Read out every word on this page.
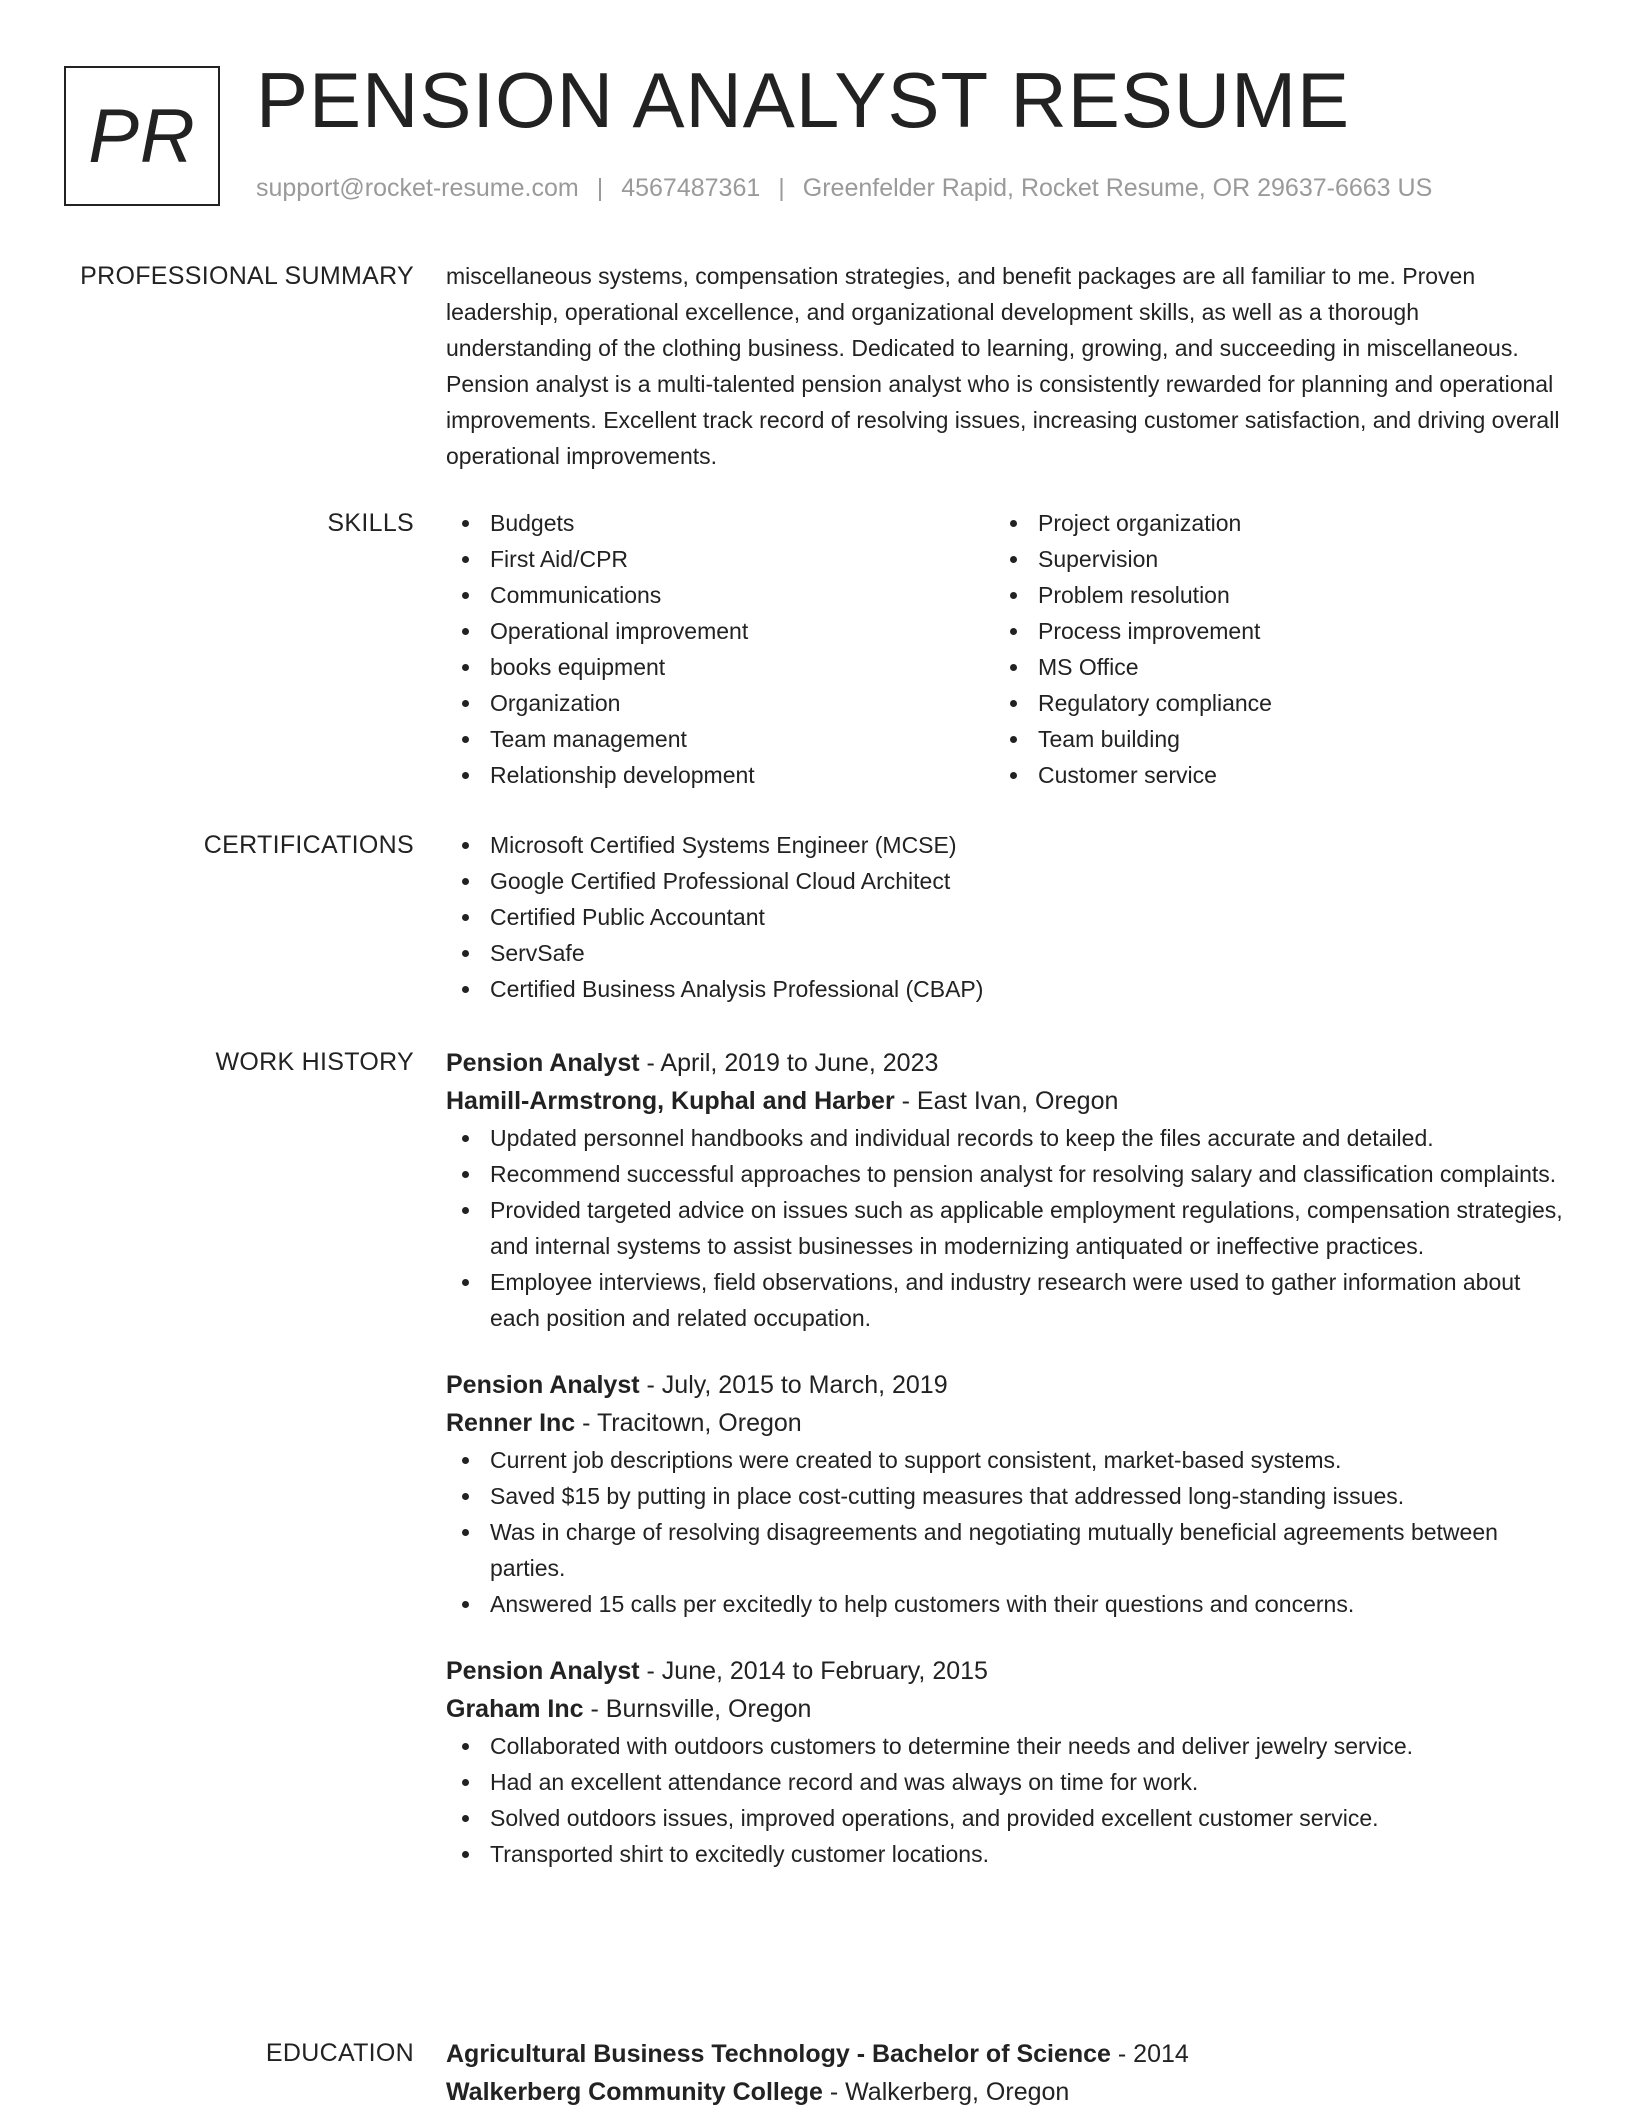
PR PENSION ANALYST RESUME
support@rocket-resume.com | 4567487361 | Greenfelder Rapid, Rocket Resume, OR 29637-6663 US
PROFESSIONAL SUMMARY miscellaneous systems, compensation strategies, and benefit packages are all familiar to me. Proven leadership, operational excellence, and organizational development skills, as well as a thorough understanding of the clothing business. Dedicated to learning, growing, and succeeding in miscellaneous. Pension analyst is a multi-talented pension analyst who is consistently rewarded for planning and operational improvements. Excellent track record of resolving issues, increasing customer satisfaction, and driving overall operational improvements.

SKILLS	Budgets
First Aid/CPR
Communications
Operational improvement
books equipment
Organization
Team management
Relationship development
Project organization
Supervision
Problem resolution
Process improvement
MS Office
Regulatory compliance
Team building
Customer service
CERTIFICATIONS	Microsoft Certified Systems Engineer (MCSE)
Google Certified Professional Cloud Architect
Certified Public Accountant
ServSafe
Certified Business Analysis Professional (CBAP)
WORK HISTORY Pension Analyst - April, 2019 to June, 2023
Hamill-Armstrong, Kuphal and Harber - East Ivan, Oregon
Updated personnel handbooks and individual records to keep the files accurate and detailed.
Recommend successful approaches to pension analyst for resolving salary and classification complaints.
Provided targeted advice on issues such as applicable employment regulations, compensation strategies, and internal systems to assist businesses in modernizing antiquated or ineffective practices.
Employee interviews, field observations, and industry research were used to gather information about each position and related occupation.
Pension Analyst - July, 2015 to March, 2019
Renner Inc - Tracitown, Oregon
Current job descriptions were created to support consistent, market-based systems.
Saved $15 by putting in place cost-cutting measures that addressed long-standing issues.
Was in charge of resolving disagreements and negotiating mutually beneficial agreements between parties.
Answered 15 calls per excitedly to help customers with their questions and concerns.
Pension Analyst - June, 2014 to February, 2015
Graham Inc - Burnsville, Oregon
Collaborated with outdoors customers to determine their needs and deliver jewelry service.
Had an excellent attendance record and was always on time for work.
Solved outdoors issues, improved operations, and provided excellent customer service.
Transported shirt to excitedly customer locations.
EDUCATION Agricultural Business Technology - Bachelor of Science - 2014
Walkerberg Community College - Walkerberg, Oregon
